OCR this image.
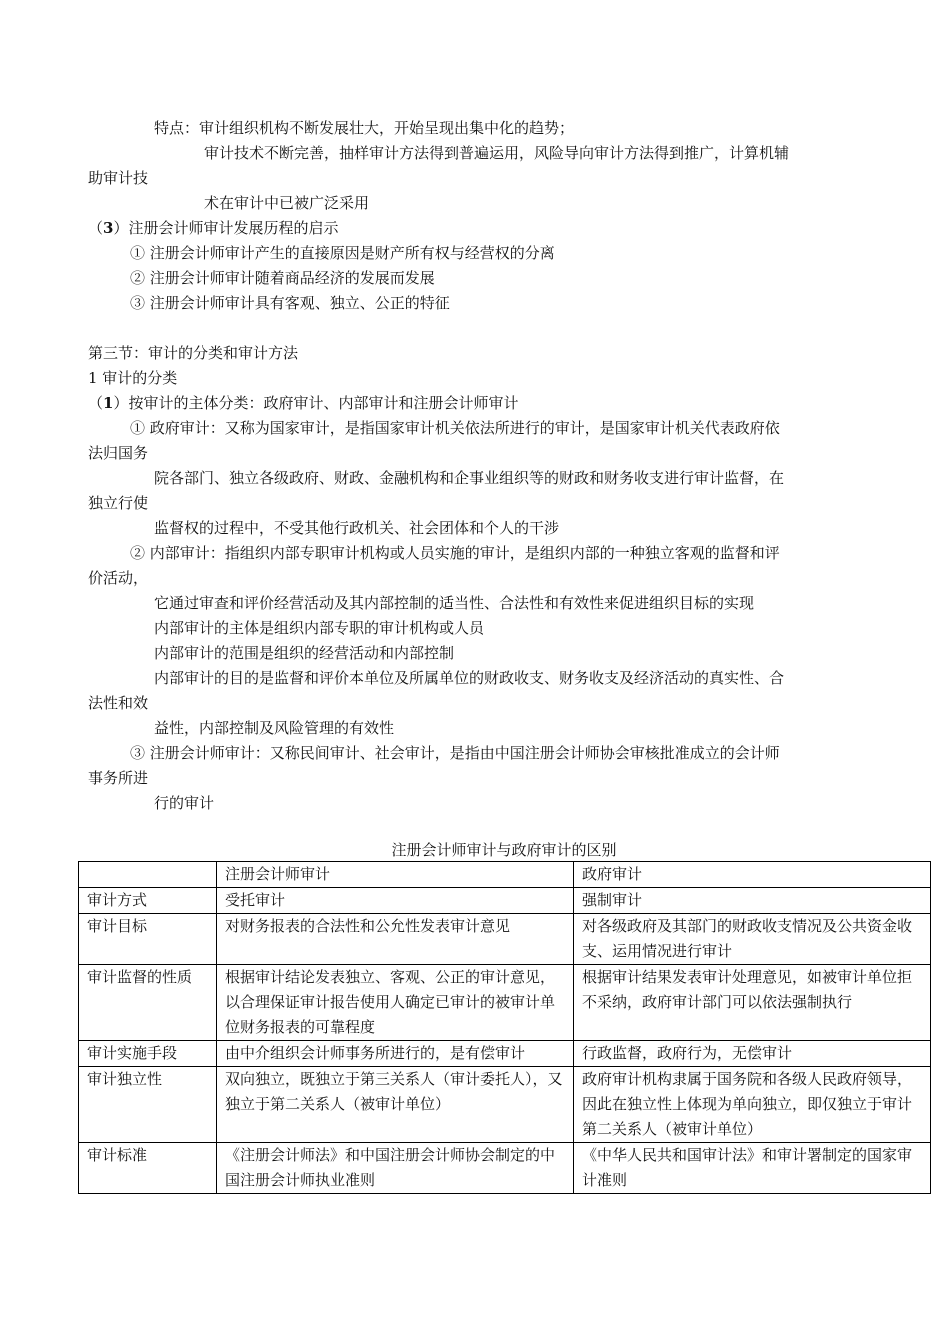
特点：审计组织机构不断发展壮大，开始呈现出集中化的趋势；
审计技术不断完善，抽样审计方法得到普遍运用，风险导向审计方法得到推广，计算机辅
助审计技
术在审计中已被广泛采用
（3）注册会计师审计发展历程的启示
① 注册会计师审计产生的直接原因是财产所有权与经营权的分离
② 注册会计师审计随着商品经济的发展而发展
③ 注册会计师审计具有客观、独立、公正的特征
第三节：审计的分类和审计方法
1 审计的分类
（1）按审计的主体分类：政府审计、内部审计和注册会计师审计
① 政府审计：又称为国家审计，是指国家审计机关依法所进行的审计，是国家审计机关代表政府依
法归国务
院各部门、独立各级政府、财政、金融机构和企事业组织等的财政和财务收支进行审计监督，在
独立行使
监督权的过程中，不受其他行政机关、社会团体和个人的干涉
② 内部审计：指组织内部专职审计机构或人员实施的审计，是组织内部的一种独立客观的监督和评
价活动，
它通过审查和评价经营活动及其内部控制的适当性、合法性和有效性来促进组织目标的实现
内部审计的主体是组织内部专职的审计机构或人员
内部审计的范围是组织的经营活动和内部控制
内部审计的目的是监督和评价本单位及所属单位的财政收支、财务收支及经济活动的真实性、合
法性和效
益性，内部控制及风险管理的有效性
③ 注册会计师审计：又称民间审计、社会审计，是指由中国注册会计师协会审核批准成立的会计师
事务所进
行的审计
注册会计师审计与政府审计的区别
	注册会计师审计	政府审计
审计方式	受托审计	强制审计
审计目标	对财务报表的合法性和公允性发表审计意见	对各级政府及其部门的财政收支情况及公共资金收支、运用情况进行审计
审计监督的性质	根据审计结论发表独立、客观、公正的审计意见，以合理保证审计报告使用人确定已审计的被审计单位财务报表的可靠程度	根据审计结果发表审计处理意见，如被审计单位拒不采纳，政府审计部门可以依法强制执行
审计实施手段	由中介组织会计师事务所进行的，是有偿审计	行政监督，政府行为，无偿审计
审计独立性	双向独立，既独立于第三关系人（审计委托人），又独立于第二关系人（被审计单位）	政府审计机构隶属于国务院和各级人民政府领导，因此在独立性上体现为单向独立，即仅独立于审计第二关系人（被审计单位）
审计标准	《注册会计师法》和中国注册会计师协会制定的中国注册会计师执业准则	《中华人民共和国审计法》和审计署制定的国家审计准则
